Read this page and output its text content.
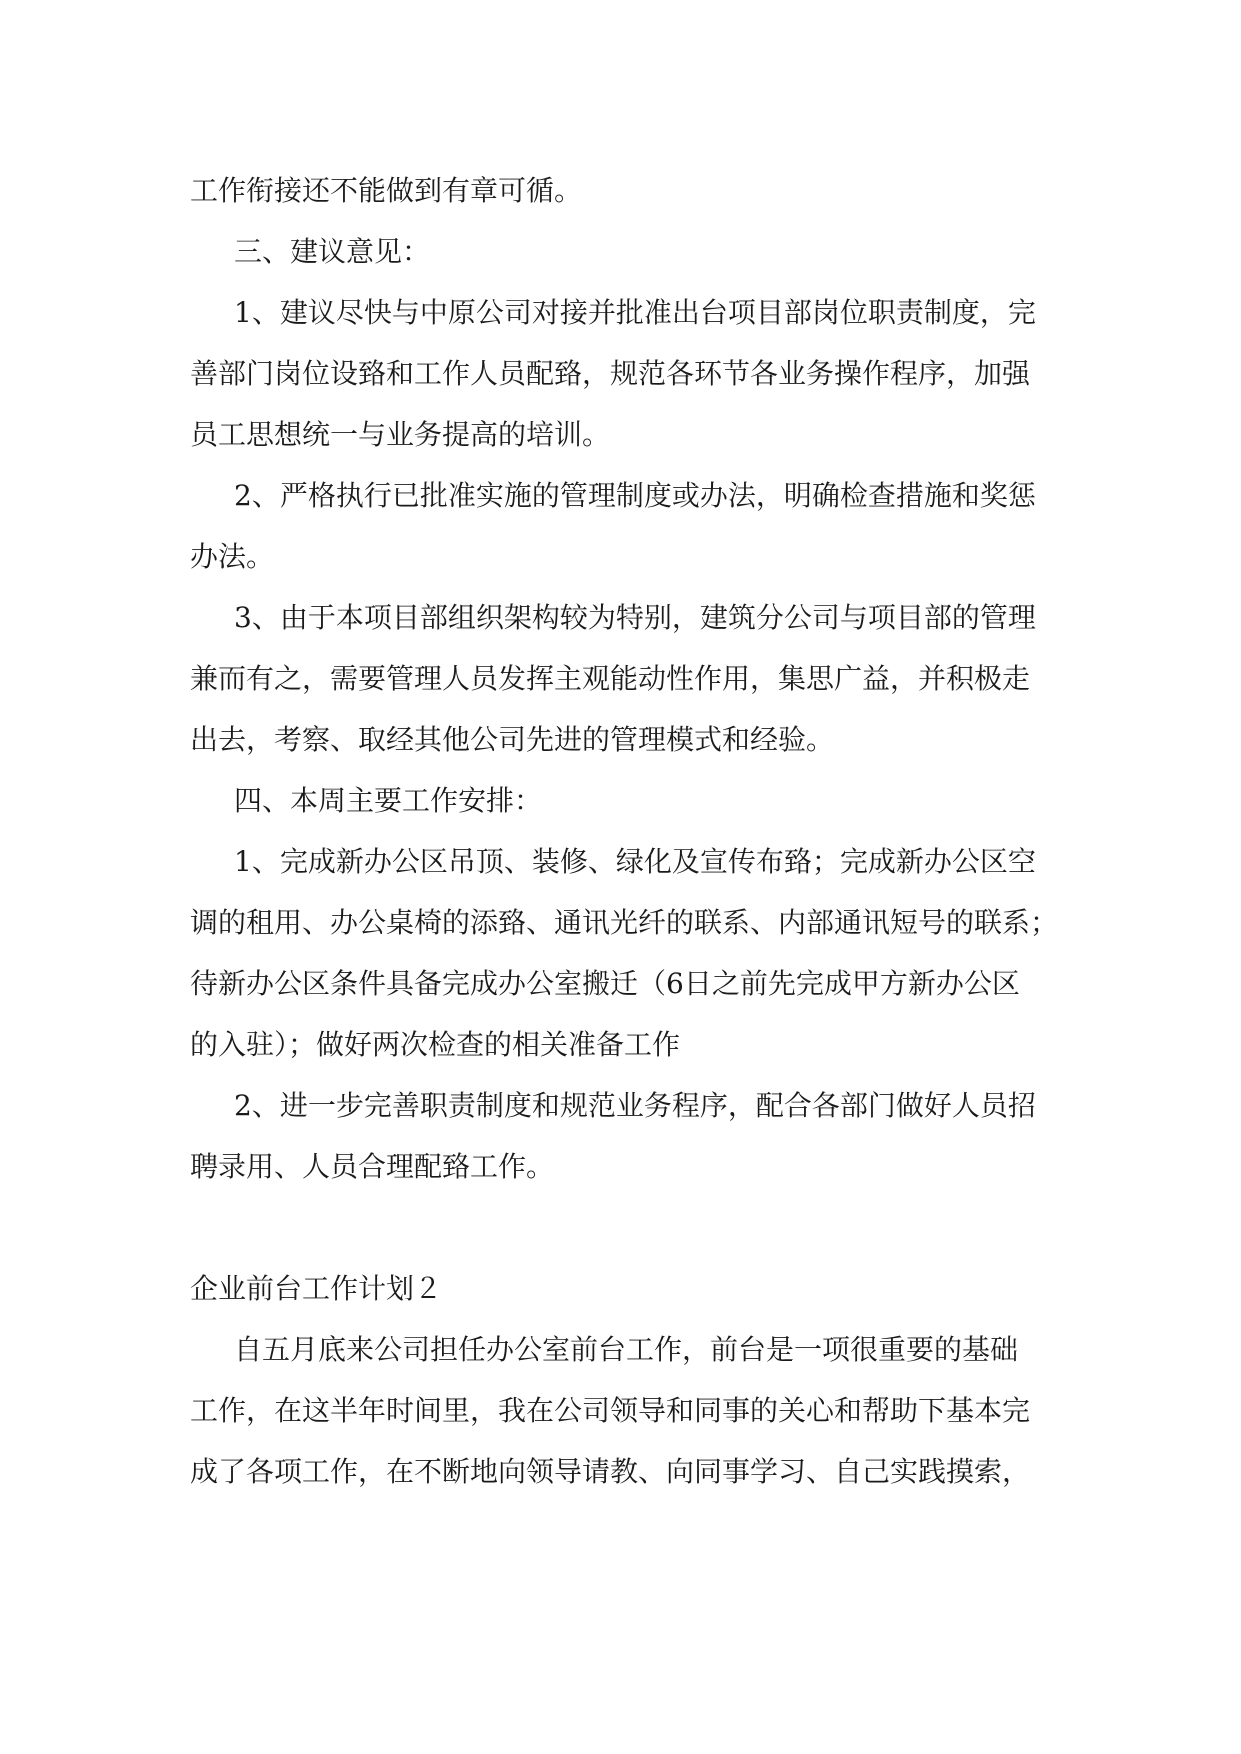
工作衔接还不能做到有章可循。
三、建议意见：
1、建议尽快与中原公司对接并批准出台项目部岗位职责制度，完
善部门岗位设臵和工作人员配臵，规范各环节各业务操作程序，加强
员工思想统一与业务提高的培训。
2、严格执行已批准实施的管理制度或办法，明确检查措施和奖惩
办法。
3、由于本项目部组织架构较为特别，建筑分公司与项目部的管理
兼而有之，需要管理人员发挥主观能动性作用，集思广益，并积极走
出去，考察、取经其他公司先进的管理模式和经验。
四、本周主要工作安排：
1、完成新办公区吊顶、装修、绿化及宣传布臵；完成新办公区空
调的租用、办公桌椅的添臵、通讯光纤的联系、内部通讯短号的联系；
待新办公区条件具备完成办公室搬迁（6日之前先完成甲方新办公区
的入驻）；做好两次检查的相关准备工作
2、进一步完善职责制度和规范业务程序，配合各部门做好人员招
聘录用、人员合理配臵工作。
企业前台工作计划２
自五月底来公司担任办公室前台工作，前台是一项很重要的基础
工作，在这半年时间里，我在公司领导和同事的关心和帮助下基本完
成了各项工作，在不断地向领导请教、向同事学习、自己实践摸索，
